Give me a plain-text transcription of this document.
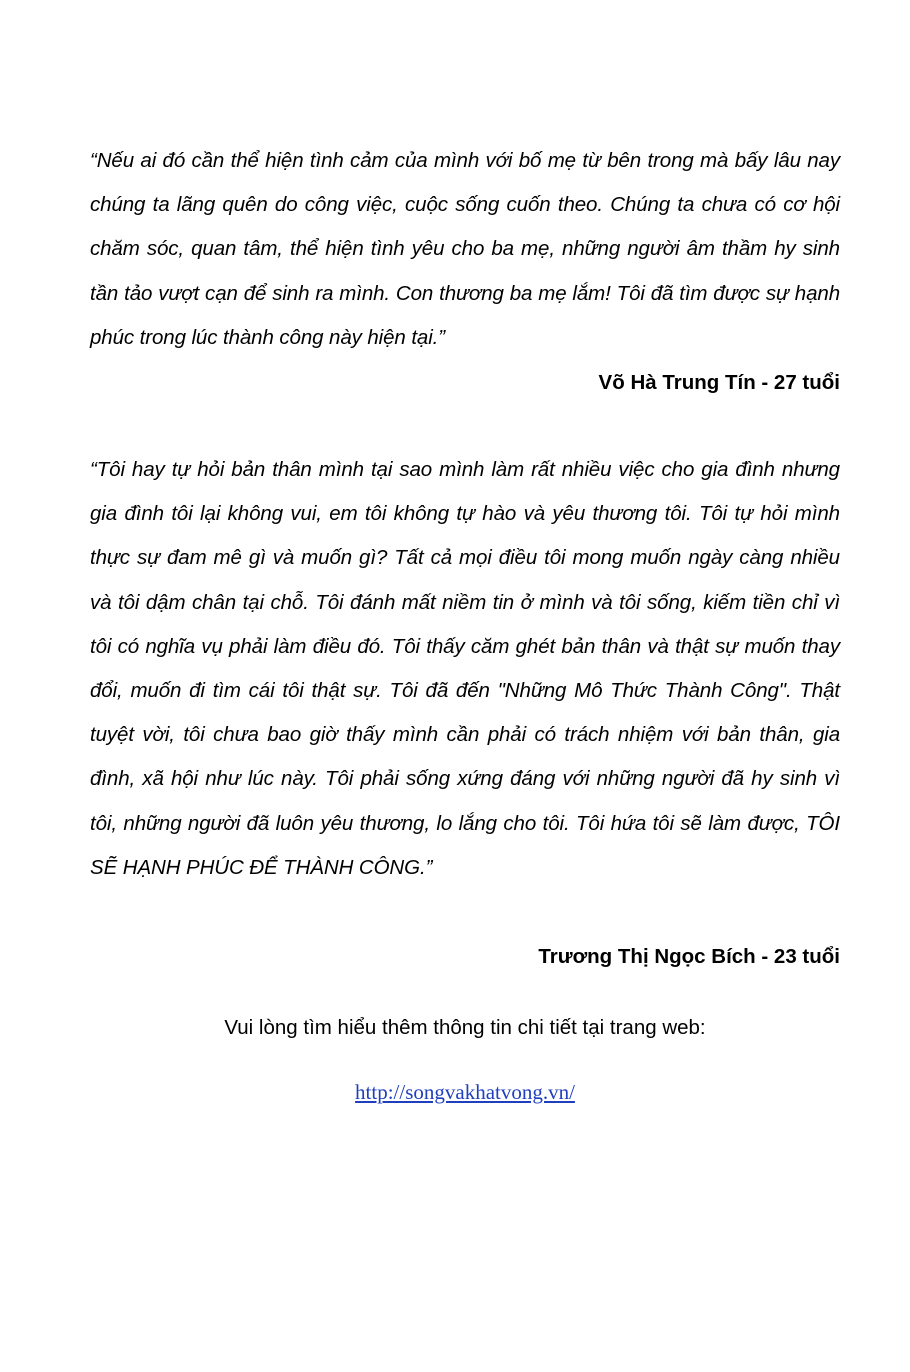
“Nếu ai đó cần thể hiện tình cảm của mình với bố mẹ từ bên trong mà bấy lâu nay chúng ta lãng quên do công việc, cuộc sống cuốn theo. Chúng ta chưa có cơ hội chăm sóc, quan tâm, thể hiện tình yêu cho ba mẹ, những người âm thầm hy sinh tần tảo vượt cạn để sinh ra mình. Con thương ba mẹ lắm! Tôi đã tìm được sự hạnh phúc trong lúc thành công này hiện tại.”

Võ Hà Trung Tín - 27 tuổi

“Tôi hay tự hỏi bản thân mình tại sao mình làm rất nhiều việc cho gia đình nhưng gia đình tôi lại không vui, em tôi không tự hào và yêu thương tôi. Tôi tự hỏi mình thực sự đam mê gì và muốn gì? Tất cả mọi điều tôi mong muốn ngày càng nhiều và tôi dậm chân tại chỗ. Tôi đánh mất niềm tin ở mình và tôi sống, kiếm tiền chỉ vì tôi có nghĩa vụ phải làm điều đó. Tôi thấy căm ghét bản thân và thật sự muốn thay đổi, muốn đi tìm cái tôi thật sự. Tôi đã đến "Những Mô Thức Thành Công". Thật tuyệt vời, tôi chưa bao giờ thấy mình cần phải có trách nhiệm với bản thân, gia đình, xã hội như lúc này. Tôi phải sống xứng đáng với những người đã hy sinh vì tôi, những người đã luôn yêu thương, lo lắng cho tôi. Tôi hứa tôi sẽ làm được, TÔI SẼ HẠNH PHÚC ĐỂ THÀNH CÔNG.”

Trương Thị Ngọc Bích - 23 tuổi

Vui lòng tìm hiểu thêm thông tin chi tiết tại trang web:

http://songvakhatvong.vn/
